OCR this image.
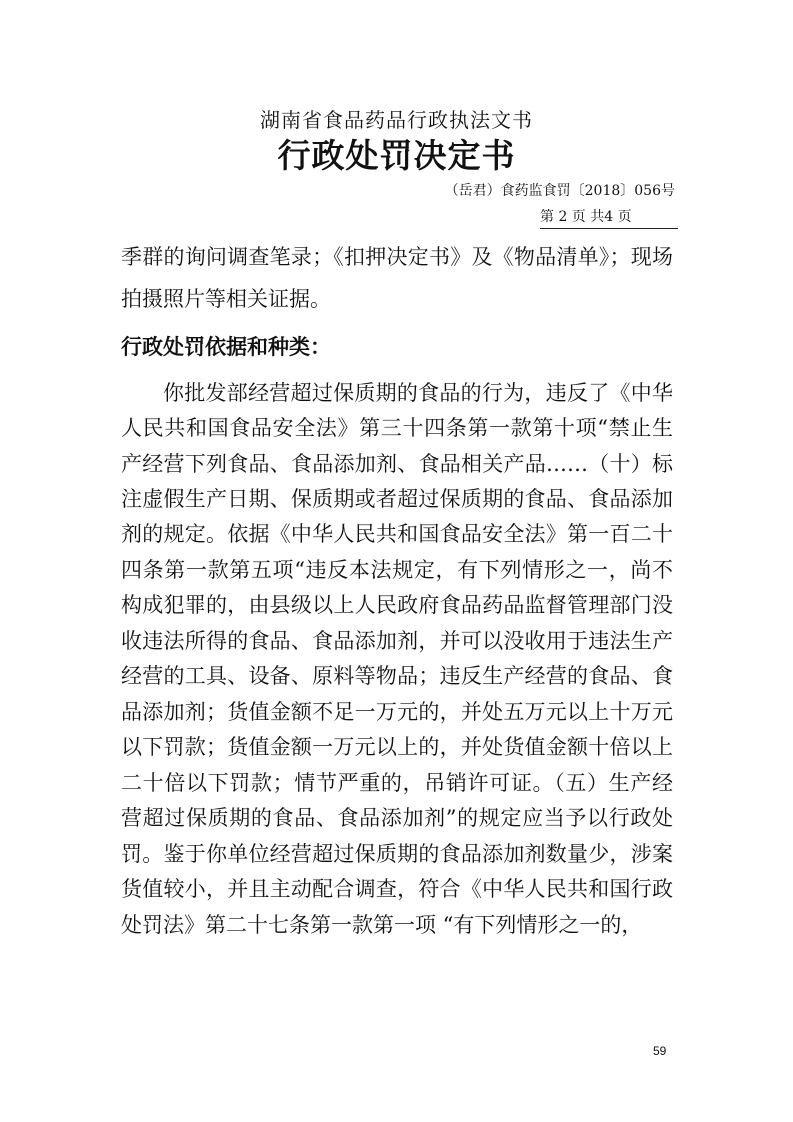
湖南省食品药品行政执法文书
行政处罚决定书
（岳君）食药监食罚〔2018〕056号
第 2 页 共4 页
季群的询问调查笔录；《扣押决定书》及《物品清单》；现场
拍摄照片等相关证据。
行政处罚依据和种类：
你批发部经营超过保质期的食品的行为，违反了《中华
人民共和国食品安全法》第三十四条第一款第十项“禁止生
产经营下列食品、食品添加剂、食品相关产品……（十）标
注虚假生产日期、保质期或者超过保质期的食品、食品添加
剂的规定。依据《中华人民共和国食品安全法》第一百二十
四条第一款第五项“违反本法规定，有下列情形之一，尚不
构成犯罪的，由县级以上人民政府食品药品监督管理部门没
收违法所得的食品、食品添加剂，并可以没收用于违法生产
经营的工具、设备、原料等物品；违反生产经营的食品、食
品添加剂；货值金额不足一万元的，并处五万元以上十万元
以下罚款；货值金额一万元以上的，并处货值金额十倍以上
二十倍以下罚款；情节严重的，吊销许可证。（五）生产经
营超过保质期的食品、食品添加剂”的规定应当予以行政处
罚。鉴于你单位经营超过保质期的食品添加剂数量少，涉案
货值较小，并且主动配合调查，符合《中华人民共和国行政
处罚法》第二十七条第一款第一项 “有下列情形之一的，
59
